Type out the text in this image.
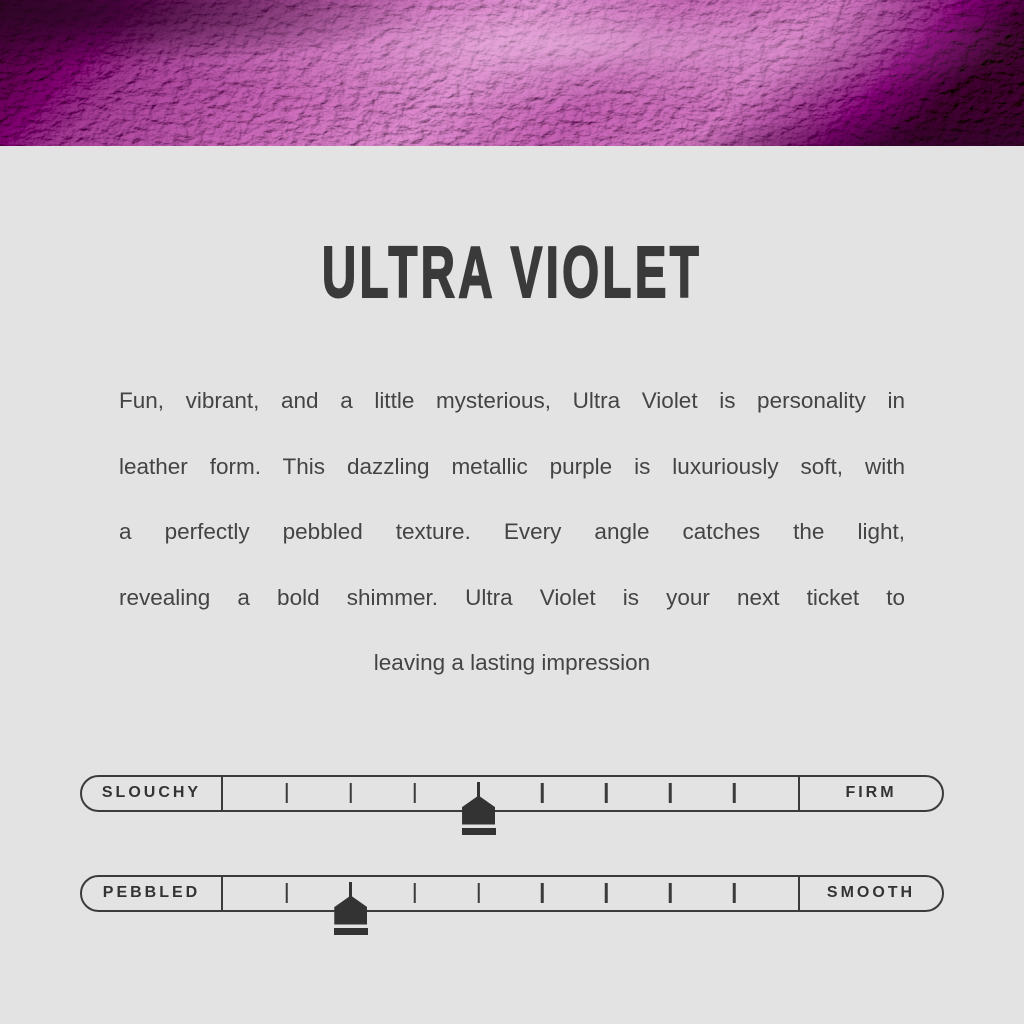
ULTRA VIOLET
Fun, vibrant, and a little mysterious, Ultra Violet is personality in
leather form. This dazzling metallic purple is luxuriously soft, with
a perfectly pebbled texture. Every angle catches the light,
revealing a bold shimmer. Ultra Violet is your next ticket to
leaving a lasting impression
SLOUCHY	FIRM
PEBBLED	SMOOTH
